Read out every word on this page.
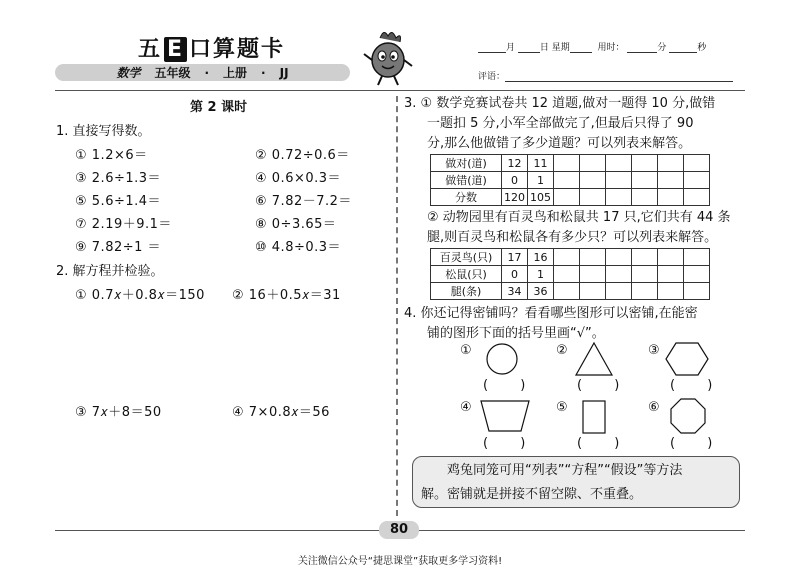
五 E 口算题卡
数学 五年级 · 上册 · JJ
月	日 星期	用时：	分	秒
评语：
第 2 课时
1. 直接写得数。
① 1.2×6＝	② 0.72÷0.6＝
③ 2.6÷1.3＝	④ 0.6×0.3＝
⑤ 5.6÷1.4＝	⑥ 7.82－7.2＝
⑦ 2.19＋9.1＝	⑧ 0÷3.65＝
⑨ 7.82÷1 ＝	⑩ 4.8÷0.3＝
2. 解方程并检验。
① 0.7𝑥＋0.8𝑥＝150 ② 16＋0.5𝑥＝31
③ 7𝑥＋8＝50	④ 7×0.8𝑥＝56
3. ① 数学竞赛试卷共 12 道题,做对一题得 10 分,做错
一题扣 5 分,小军全部做完了,但最后只得了 90
分,那么他做错了多少道题？可以列表来解答。
做对(道)	12	11						
做错(道)	0	1						
分数	120	105						
② 动物园里有百灵鸟和松鼠共 17 只,它们共有 44 条
腿,则百灵鸟和松鼠各有多少只？可以列表来解答。
百灵鸟(只)	17	16						
松鼠(只)	0	1						
腿(条)	34	36						
4. 你还记得密铺吗？看看哪些图形可以密铺,在能密
铺的图形下面的括号里画“√”。
①
( )
②
( )
③
( )
④
( )
⑤
( )
⑥
( )
鸡兔同笼可用“列表”“方程”“假设”等方法
解。密铺就是拼接不留空隙、不重叠。
80
关注微信公众号“捷思课堂”获取更多学习资料!
